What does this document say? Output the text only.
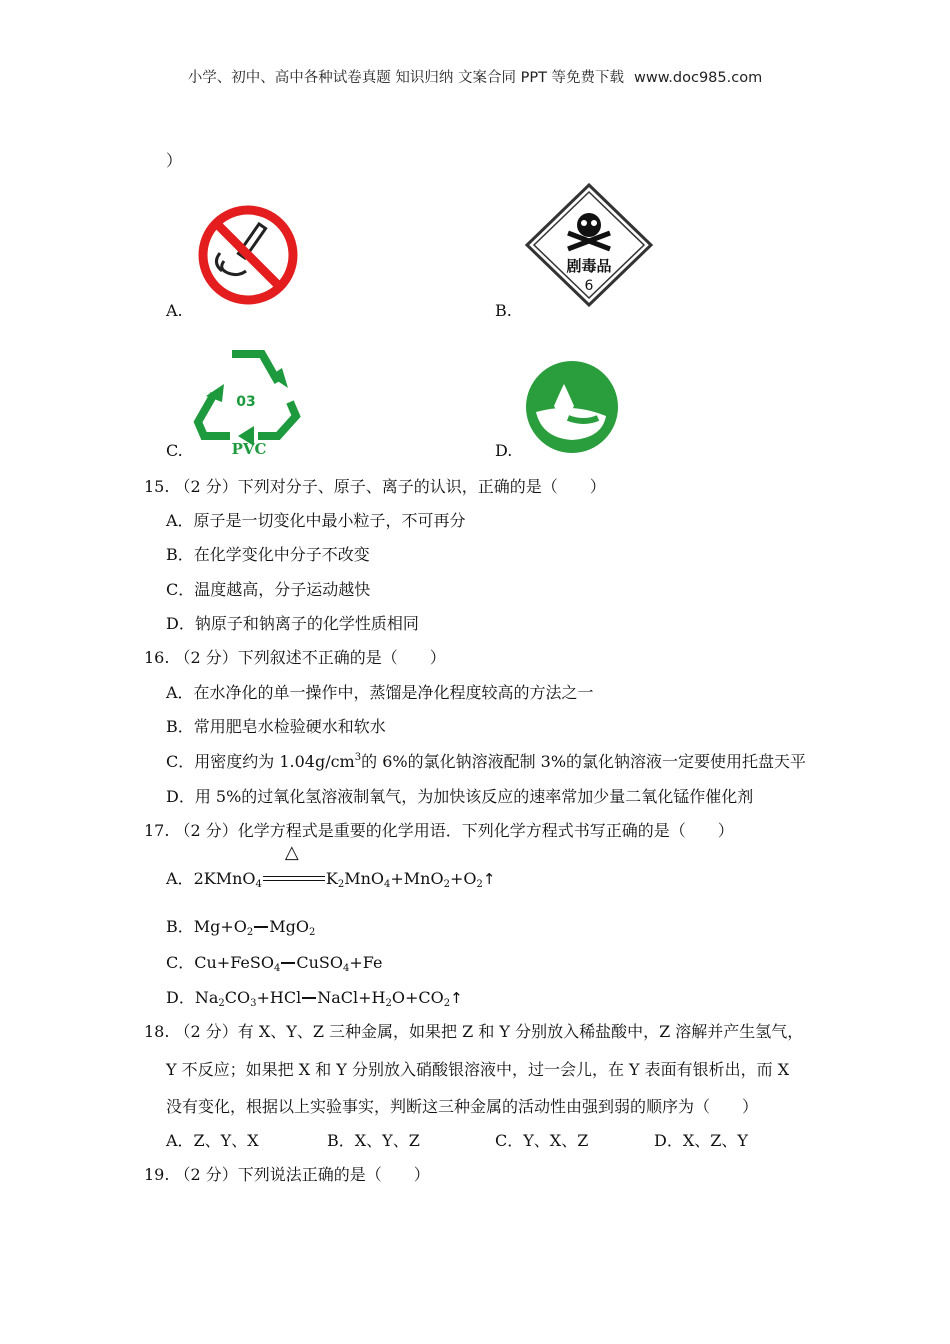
小学、初中、高中各种试卷真题 知识归纳 文案合同 PPT 等免费下载 www.doc985.com
）
A.
剧毒品
6
B.
03
PVC
C.	D.
15. （2 分）下列对分子、原子、离子的认识，正确的是（　　）
A．原子是一切变化中最小粒子，不可再分
B．在化学变化中分子不改变
C．温度越高，分子运动越快
D．钠原子和钠离子的化学性质相同
16. （2 分）下列叙述不正确的是（　　）
A．在水净化的单一操作中，蒸馏是净化程度较高的方法之一
B．常用肥皂水检验硬水和软水
C．用密度约为 $1.04g/cm^3$的 6%的氯化钠溶液配制 3%的氯化钠溶液一定要使用托盘天平
D．用 5%的过氧化氢溶液制氧气，为加快该反应的速率常加少量二氧化锰作催化剂
17. （2 分）化学方程式是重要的化学用语．下列化学方程式书写正确的是（　　）
A．2KMnO$_4$
△
$K_2MnO_4+MnO_2+O_2↑$
B．$Mg+O_2$ MgO$_2$
C．Cu+FeSO$_4$ CuSO$_4$+Fe
D．$Na_2CO_3+HCl$ $NaCl+H_2O+CO_2↑$
18. （2 分）有 X、Y、Z 三种金属，如果把 Z 和 Y 分别放入稀盐酸中，Z 溶解并产生氢气，
Y 不反应；如果把 X 和 Y 分别放入硝酸银溶液中，过一会儿，在 Y 表面有银析出，而 X
没有变化，根据以上实验事实，判断这三种金属的活动性由强到弱的顺序为（　　）
A．Z、Y、X	B．X、Y、Z	C．Y、X、Z	D．X、Z、Y
19. （2 分）下列说法正确的是（　　）
